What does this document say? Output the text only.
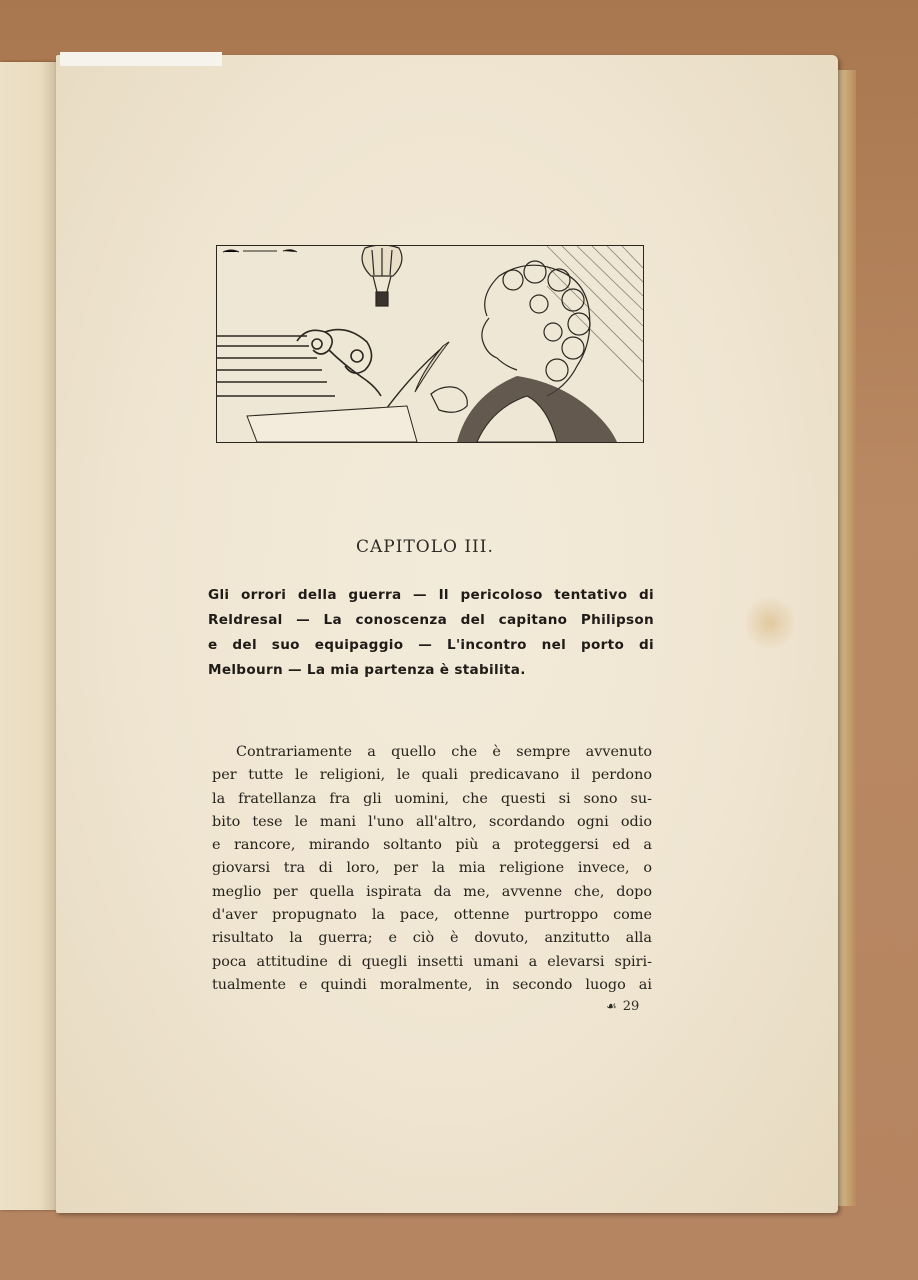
CAPITOLO III.
Gli orrori della guerra — Il pericoloso tentativo di
Reldresal — La conoscenza del capitano Philipson
e del suo equipaggio — L'incontro nel porto di
Melbourn — La mia partenza è stabilita.
Contrariamente a quello che è sempre avvenuto
per tutte le religioni, le quali predicavano il perdono
la fratellanza fra gli uomini, che questi si sono su-
bito tese le mani l'uno all'altro, scordando ogni odio
e rancore, mirando soltanto più a proteggersi ed a
giovarsi tra di loro, per la mia religione invece, o
meglio per quella ispirata da me, avvenne che, dopo
d'aver propugnato la pace, ottenne purtroppo come
risultato la guerra; e ciò è dovuto, anzitutto alla
poca attitudine di quegli insetti umani a elevarsi spiri-
tualmente e quindi moralmente, in secondo luogo ai
☙ 29
